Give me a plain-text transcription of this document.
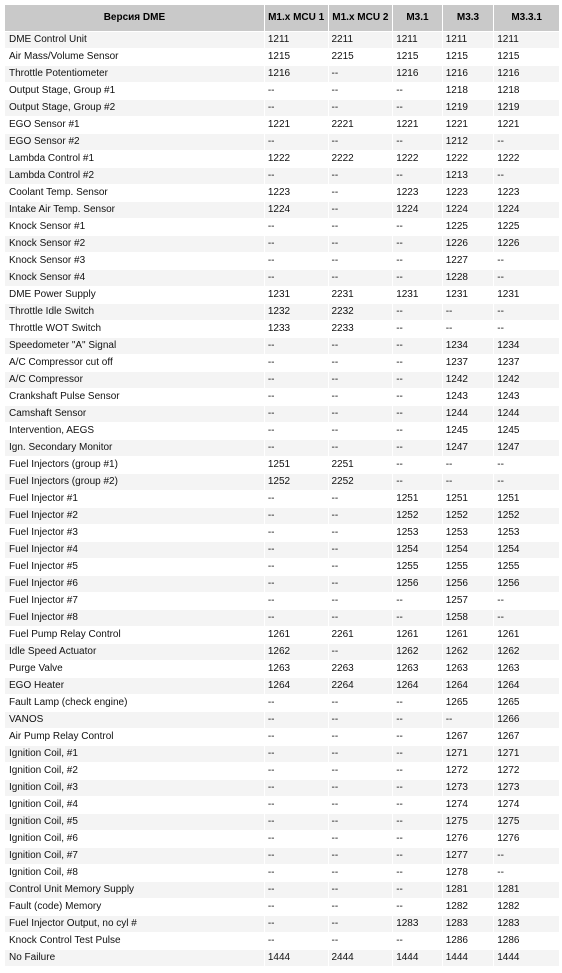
Версия DME	M1.x MCU 1	M1.x MCU 2	M3.1	M3.3	M3.3.1
DME Control Unit	1211	2211	1211	1211	1211
Air Mass/Volume Sensor	1215	2215	1215	1215	1215
Throttle Potentiometer	1216	--	1216	1216	1216
Output Stage, Group #1	--	--	--	1218	1218
Output Stage, Group #2	--	--	--	1219	1219
EGO Sensor #1	1221	2221	1221	1221	1221
EGO Sensor #2	--	--	--	1212	--
Lambda Control #1	1222	2222	1222	1222	1222
Lambda Control #2	--	--	--	1213	--
Coolant Temp. Sensor	1223	--	1223	1223	1223
Intake Air Temp. Sensor	1224	--	1224	1224	1224
Knock Sensor #1	--	--	--	1225	1225
Knock Sensor #2	--	--	--	1226	1226
Knock Sensor #3	--	--	--	1227	--
Knock Sensor #4	--	--	--	1228	--
DME Power Supply	1231	2231	1231	1231	1231
Throttle Idle Switch	1232	2232	--	--	--
Throttle WOT Switch	1233	2233	--	--	--
Speedometer "A" Signal	--	--	--	1234	1234
A/C Compressor cut off	--	--	--	1237	1237
A/C Compressor	--	--	--	1242	1242
Crankshaft Pulse Sensor	--	--	--	1243	1243
Camshaft Sensor	--	--	--	1244	1244
Intervention, AEGS	--	--	--	1245	1245
Ign. Secondary Monitor	--	--	--	1247	1247
Fuel Injectors (group #1)	1251	2251	--	--	--
Fuel Injectors (group #2)	1252	2252	--	--	--
Fuel Injector #1	--	--	1251	1251	1251
Fuel Injector #2	--	--	1252	1252	1252
Fuel Injector #3	--	--	1253	1253	1253
Fuel Injector #4	--	--	1254	1254	1254
Fuel Injector #5	--	--	1255	1255	1255
Fuel Injector #6	--	--	1256	1256	1256
Fuel Injector #7	--	--	--	1257	--
Fuel Injector #8	--	--	--	1258	--
Fuel Pump Relay Control	1261	2261	1261	1261	1261
Idle Speed Actuator	1262	--	1262	1262	1262
Purge Valve	1263	2263	1263	1263	1263
EGO Heater	1264	2264	1264	1264	1264
Fault Lamp (check engine)	--	--	--	1265	1265
VANOS	--	--	--	--	1266
Air Pump Relay Control	--	--	--	1267	1267
Ignition Coil, #1	--	--	--	1271	1271
Ignition Coil, #2	--	--	--	1272	1272
Ignition Coil, #3	--	--	--	1273	1273
Ignition Coil, #4	--	--	--	1274	1274
Ignition Coil, #5	--	--	--	1275	1275
Ignition Coil, #6	--	--	--	1276	1276
Ignition Coil, #7	--	--	--	1277	--
Ignition Coil, #8	--	--	--	1278	--
Control Unit Memory Supply	--	--	--	1281	1281
Fault (code) Memory	--	--	--	1282	1282
Fuel Injector Output, no cyl #	--	--	1283	1283	1283
Knock Control Test Pulse	--	--	--	1286	1286
No Failure	1444	2444	1444	1444	1444
